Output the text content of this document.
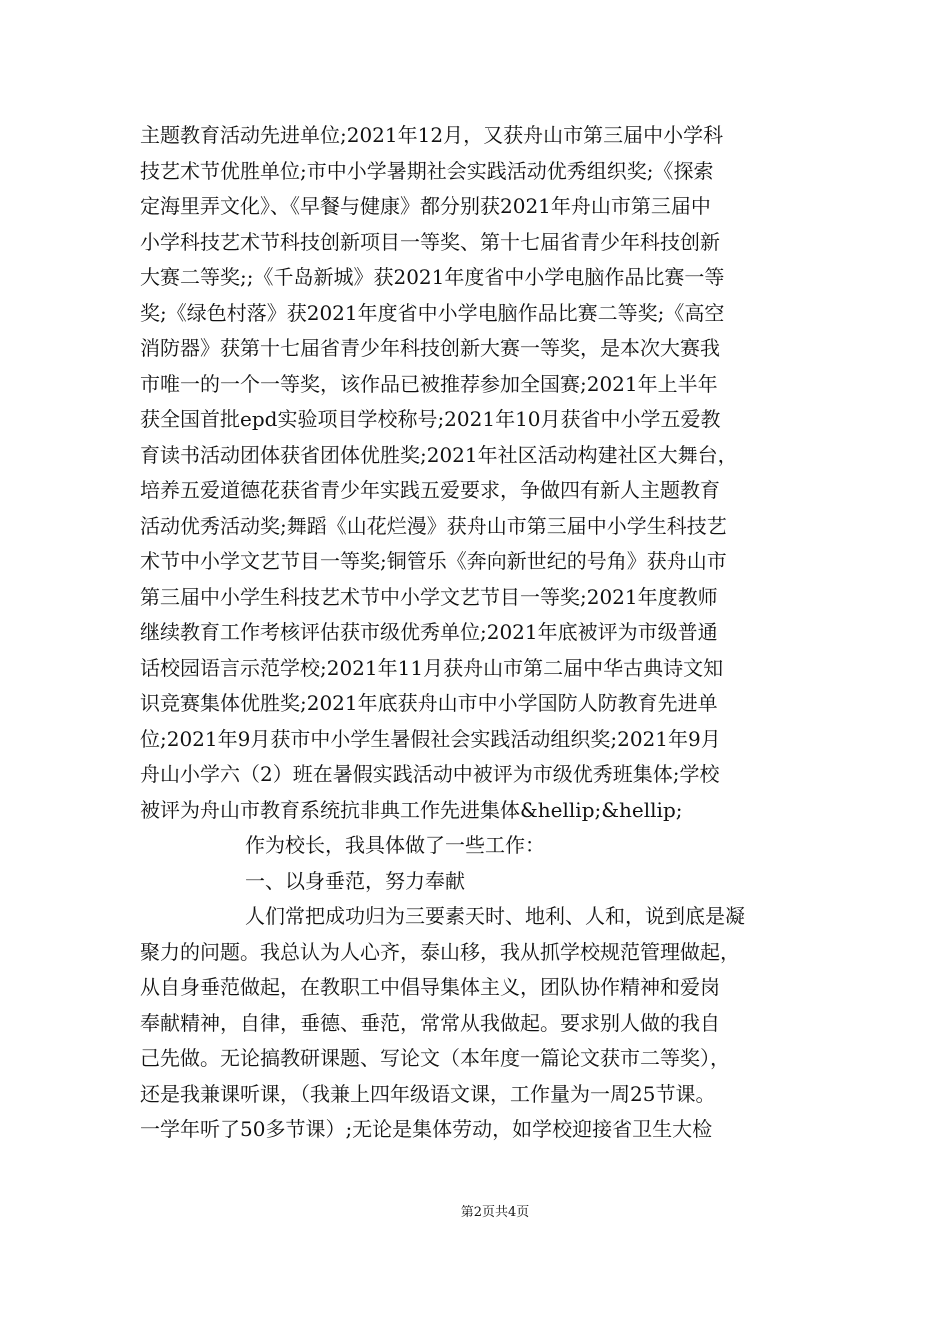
主题教育活动先进单位;2021年12月，又获舟山市第三届中小学科
技艺术节优胜单位;市中小学暑期社会实践活动优秀组织奖;《探索
定海里弄文化》、《早餐与健康》都分别获2021年舟山市第三届中
小学科技艺术节科技创新项目一等奖、第十七届省青少年科技创新
大赛二等奖;;《千岛新城》获2021年度省中小学电脑作品比赛一等
奖;《绿色村落》获2021年度省中小学电脑作品比赛二等奖;《高空
消防器》获第十七届省青少年科技创新大赛一等奖，是本次大赛我
市唯一的一个一等奖，该作品已被推荐参加全国赛;2021年上半年
获全国首批epd实验项目学校称号;2021年10月获省中小学五爱教
育读书活动团体获省团体优胜奖;2021年社区活动构建社区大舞台，
培养五爱道德花获省青少年实践五爱要求，争做四有新人主题教育
活动优秀活动奖;舞蹈《山花烂漫》获舟山市第三届中小学生科技艺
术节中小学文艺节目一等奖;铜管乐《奔向新世纪的号角》获舟山市
第三届中小学生科技艺术节中小学文艺节目一等奖;2021年度教师
继续教育工作考核评估获市级优秀单位;2021年底被评为市级普通
话校园语言示范学校;2021年11月获舟山市第二届中华古典诗文知
识竞赛集体优胜奖;2021年底获舟山市中小学国防人防教育先进单
位;2021年9月获市中小学生暑假社会实践活动组织奖;2021年9月
舟山小学六（2）班在暑假实践活动中被评为市级优秀班集体;学校
被评为舟山市教育系统抗非典工作先进集体&hellip;&hellip;
作为校长，我具体做了一些工作：
一、以身垂范，努力奉献
人们常把成功归为三要素天时、地利、人和，说到底是凝
聚力的问题。我总认为人心齐，泰山移，我从抓学校规范管理做起，
从自身垂范做起，在教职工中倡导集体主义，团队协作精神和爱岗
奉献精神，自律，垂德、垂范，常常从我做起。要求别人做的我自
己先做。无论搞教研课题、写论文（本年度一篇论文获市二等奖），
还是我兼课听课，（我兼上四年级语文课，工作量为一周25节课。
一学年听了50多节课）;无论是集体劳动，如学校迎接省卫生大检
第2页共4页
